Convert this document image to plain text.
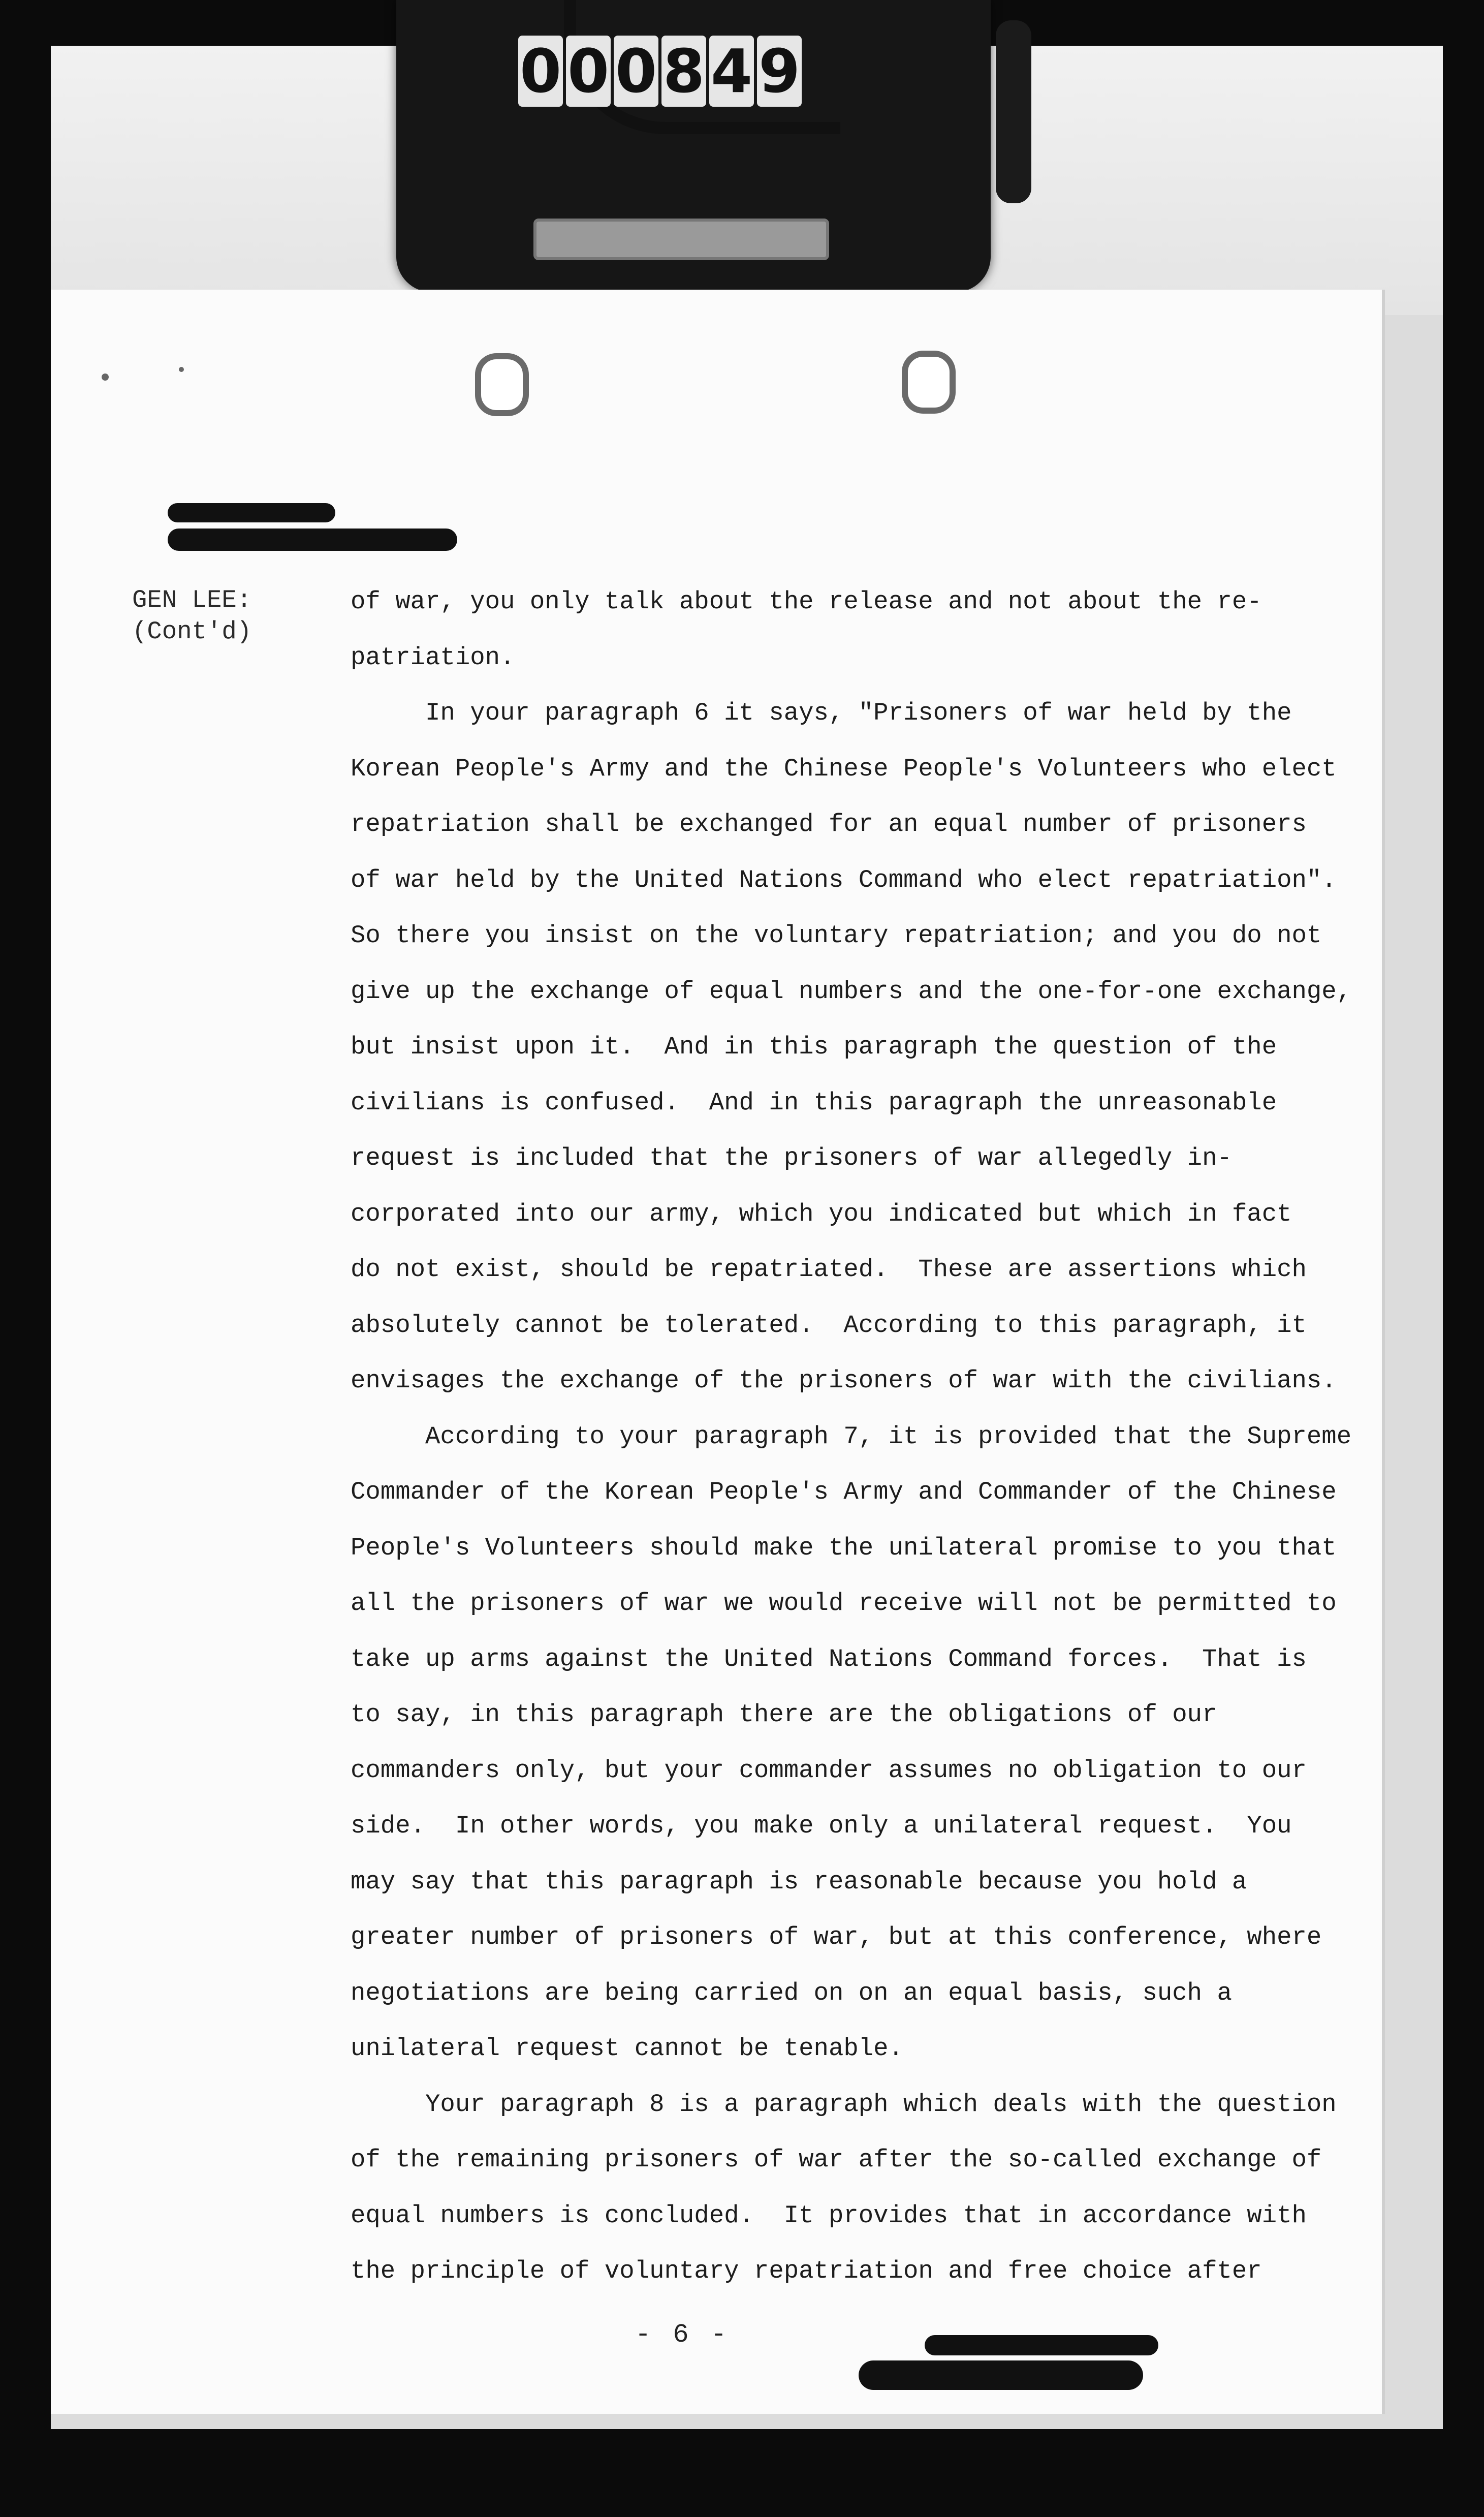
0 0 0 8 4 9
GEN LEE:
(Cont'd)
of war, you only talk about the release and not about the re-
patriation.
In your paragraph 6 it says, "Prisoners of war held by the
Korean People's Army and the Chinese People's Volunteers who elect
repatriation shall be exchanged for an equal number of prisoners
of war held by the United Nations Command who elect repatriation".
So there you insist on the voluntary repatriation; and you do not
give up the exchange of equal numbers and the one-for-one exchange,
but insist upon it.  And in this paragraph the question of the
civilians is confused.  And in this paragraph the unreasonable
request is included that the prisoners of war allegedly in-
corporated into our army, which you indicated but which in fact
do not exist, should be repatriated.  These are assertions which
absolutely cannot be tolerated.  According to this paragraph, it
envisages the exchange of the prisoners of war with the civilians.
According to your paragraph 7, it is provided that the Supreme
Commander of the Korean People's Army and Commander of the Chinese
People's Volunteers should make the unilateral promise to you that
all the prisoners of war we would receive will not be permitted to
take up arms against the United Nations Command forces.  That is
to say, in this paragraph there are the obligations of our
commanders only, but your commander assumes no obligation to our
side.  In other words, you make only a unilateral request.  You
may say that this paragraph is reasonable because you hold a
greater number of prisoners of war, but at this conference, where
negotiations are being carried on on an equal basis, such a
unilateral request cannot be tenable.
Your paragraph 8 is a paragraph which deals with the question
of the remaining prisoners of war after the so-called exchange of
equal numbers is concluded.  It provides that in accordance with
the principle of voluntary repatriation and free choice after
- 6 -
